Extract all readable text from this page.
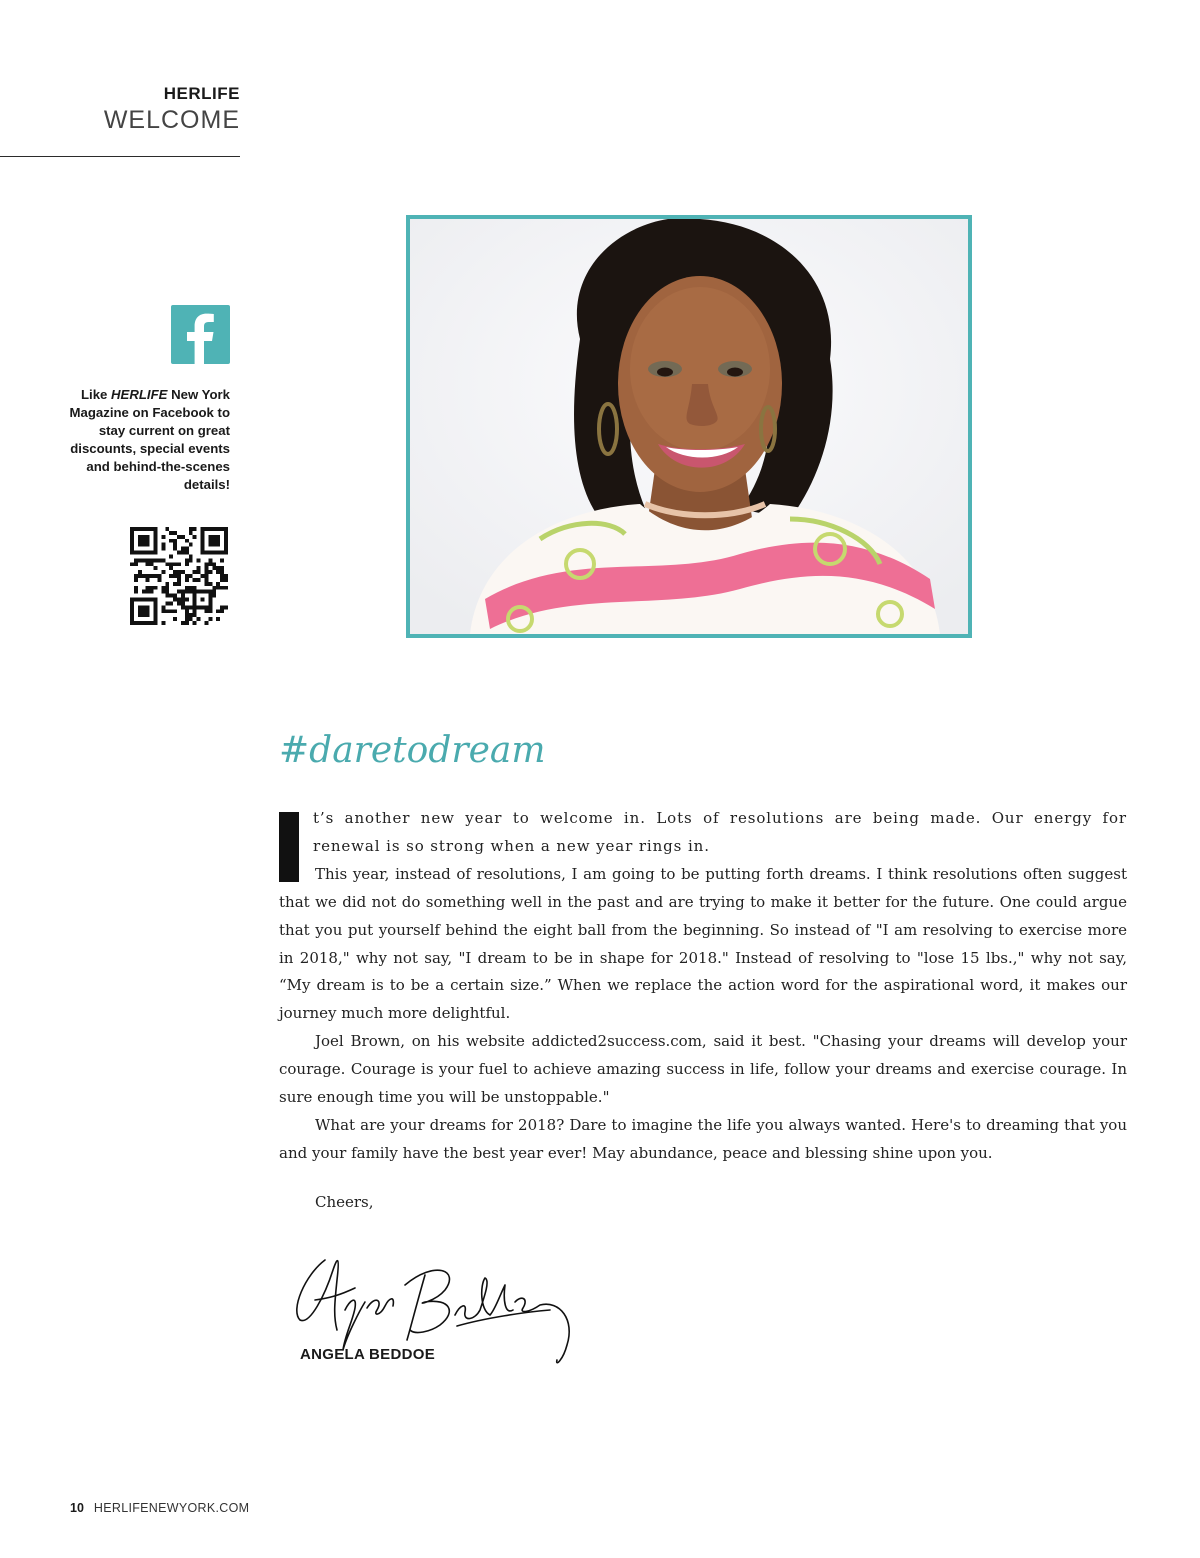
HERLIFE
WELCOME
Like HERLIFE New York Magazine on Facebook to stay current on great discounts, special events and behind-the-scenes details!
#daretodream

t’s another new year to welcome in. Lots of resolutions are being made. Our energy for renewal is so strong when a new year rings in.

This year, instead of resolutions, I am going to be putting forth dreams. I think resolutions often suggest that we did not do something well in the past and are trying to make it better for the future. One could argue that you put yourself behind the eight ball from the beginning. So instead of "I am resolving to exercise more in 2018," why not say, "I dream to be in shape for 2018." Instead of resolving to "lose 15 lbs.," why not say, “My dream is to be a certain size.” When we replace the action word for the aspirational word, it makes our journey much more delightful.

Joel Brown, on his website addicted2success.com, said it best. "Chasing your dreams will develop your courage. Courage is your fuel to achieve amazing success in life, follow your dreams and exercise courage. In sure enough time you will be unstoppable."

What are your dreams for 2018? Dare to imagine the life you always wanted. Here's to dreaming that you and your family have the best year ever! May abundance, peace and blessing shine upon you.

Cheers,
ANGELA BEDDOE
10 HERLIFENEWYORK.COM
